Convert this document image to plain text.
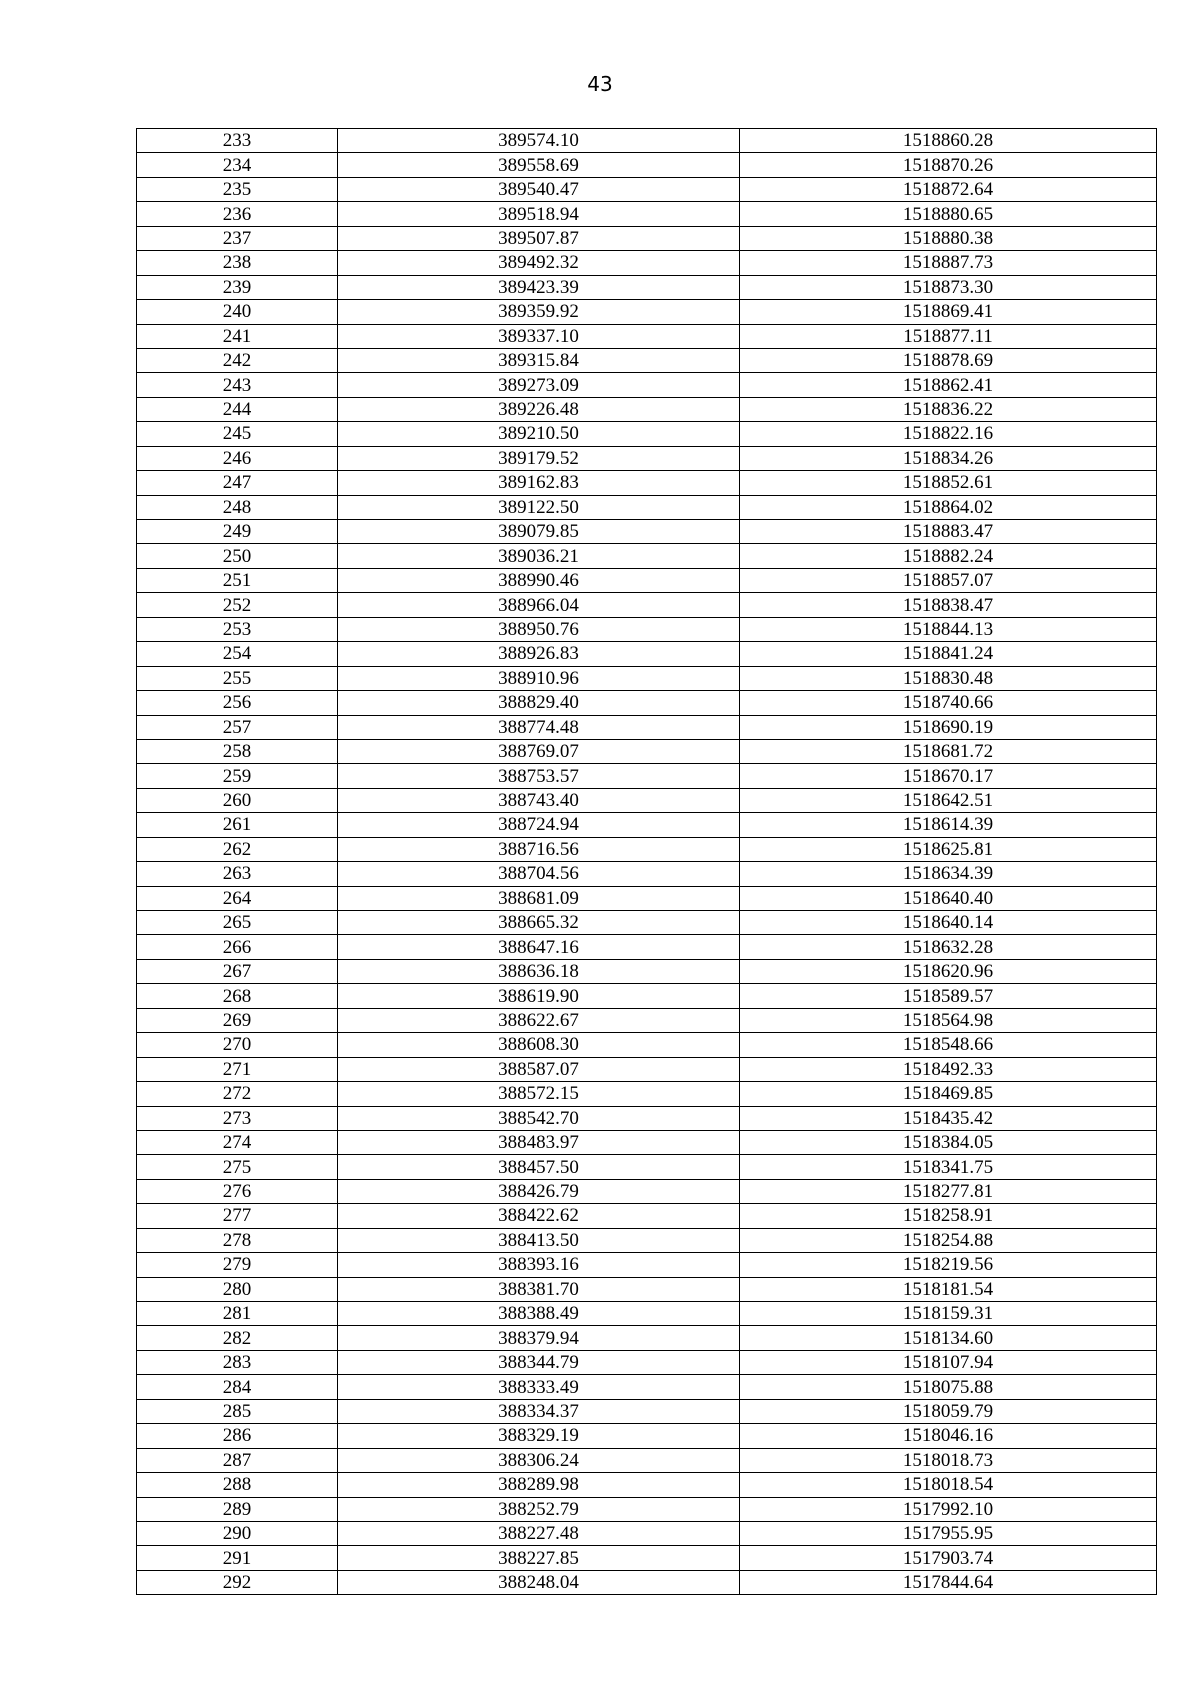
43
233	389574.10	1518860.28
234	389558.69	1518870.26
235	389540.47	1518872.64
236	389518.94	1518880.65
237	389507.87	1518880.38
238	389492.32	1518887.73
239	389423.39	1518873.30
240	389359.92	1518869.41
241	389337.10	1518877.11
242	389315.84	1518878.69
243	389273.09	1518862.41
244	389226.48	1518836.22
245	389210.50	1518822.16
246	389179.52	1518834.26
247	389162.83	1518852.61
248	389122.50	1518864.02
249	389079.85	1518883.47
250	389036.21	1518882.24
251	388990.46	1518857.07
252	388966.04	1518838.47
253	388950.76	1518844.13
254	388926.83	1518841.24
255	388910.96	1518830.48
256	388829.40	1518740.66
257	388774.48	1518690.19
258	388769.07	1518681.72
259	388753.57	1518670.17
260	388743.40	1518642.51
261	388724.94	1518614.39
262	388716.56	1518625.81
263	388704.56	1518634.39
264	388681.09	1518640.40
265	388665.32	1518640.14
266	388647.16	1518632.28
267	388636.18	1518620.96
268	388619.90	1518589.57
269	388622.67	1518564.98
270	388608.30	1518548.66
271	388587.07	1518492.33
272	388572.15	1518469.85
273	388542.70	1518435.42
274	388483.97	1518384.05
275	388457.50	1518341.75
276	388426.79	1518277.81
277	388422.62	1518258.91
278	388413.50	1518254.88
279	388393.16	1518219.56
280	388381.70	1518181.54
281	388388.49	1518159.31
282	388379.94	1518134.60
283	388344.79	1518107.94
284	388333.49	1518075.88
285	388334.37	1518059.79
286	388329.19	1518046.16
287	388306.24	1518018.73
288	388289.98	1518018.54
289	388252.79	1517992.10
290	388227.48	1517955.95
291	388227.85	1517903.74
292	388248.04	1517844.64
